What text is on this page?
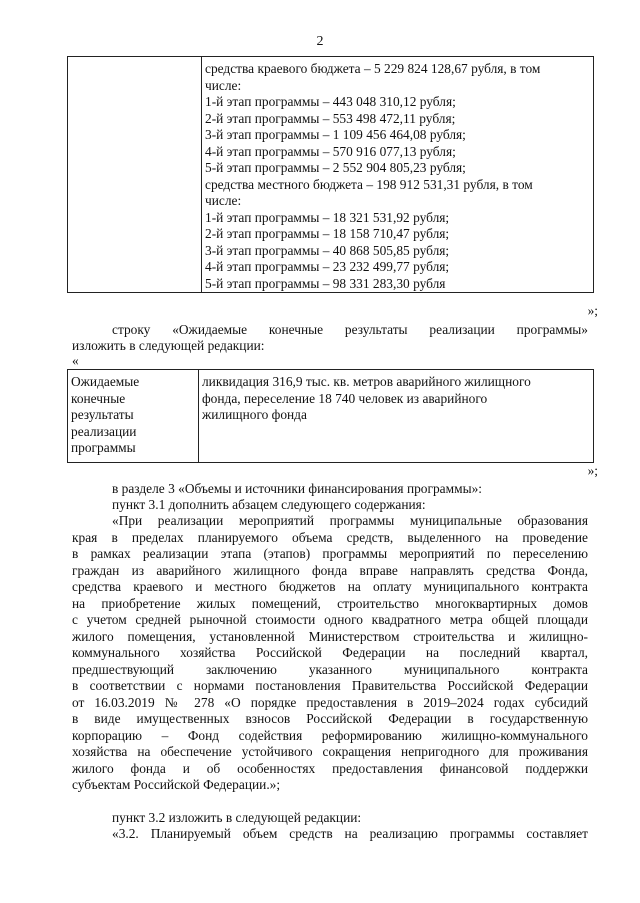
2

средства краевого бюджета – 5 229 824 128,67 рубля, в том
числе:
1-й этап программы – 443 048 310,12 рубля;
2-й этап программы – 553 498 472,11 рубля;
3-й этап программы – 1 109 456 464,08 рубля;
4-й этап программы – 570 916 077,13 рубля;
5-й этап программы – 2 552 904 805,23 рубля;
средства местного бюджета – 198 912 531,31 рубля, в том
числе:
1-й этап программы – 18 321 531,92 рубля;
2-й этап программы – 18 158 710,47 рубля;
3-й этап программы – 40 868 505,85 рубля;
4-й этап программы – 23 232 499,77 рубля;
5-й этап программы – 98 331 283,30 рубля
»;
строку «Ожидаемые конечные результаты реализации программы»
изложить в следующей редакции:
«
Ожидаемые
конечные
результаты
реализации
программы

ликвидация 316,9 тыс. кв. метров аварийного жилищного
фонда, переселение 18 740 человек из аварийного
жилищного фонда
»;
в разделе 3 «Объемы и источники финансирования программы»:
пункт 3.1 дополнить абзацем следующего содержания:
«При реализации мероприятий программы муниципальные образования
края в пределах планируемого объема средств, выделенного на проведение
в рамках реализации этапа (этапов) программы мероприятий по переселению
граждан из аварийного жилищного фонда вправе направлять средства Фонда,
средства краевого и местного бюджетов на оплату муниципального контракта
на приобретение жилых помещений, строительство многоквартирных домов
с учетом средней рыночной стоимости одного квадратного метра общей площади
жилого помещения, установленной Министерством строительства и жилищно-
коммунального хозяйства Российской Федерации на последний квартал,
предшествующий заключению указанного муниципального контракта
в соответствии с нормами постановления Правительства Российской Федерации
от 16.03.2019 № 278 «О порядке предоставления в 2019–2024 годах субсидий
в виде имущественных взносов Российской Федерации в государственную
корпорацию – Фонд содействия реформированию жилищно-коммунального
хозяйства на обеспечение устойчивого сокращения непригодного для проживания
жилого фонда и об особенностях предоставления финансовой поддержки
субъектам Российской Федерации.»;
пункт 3.2 изложить в следующей редакции:
«3.2. Планируемый объем средств на реализацию программы составляет
